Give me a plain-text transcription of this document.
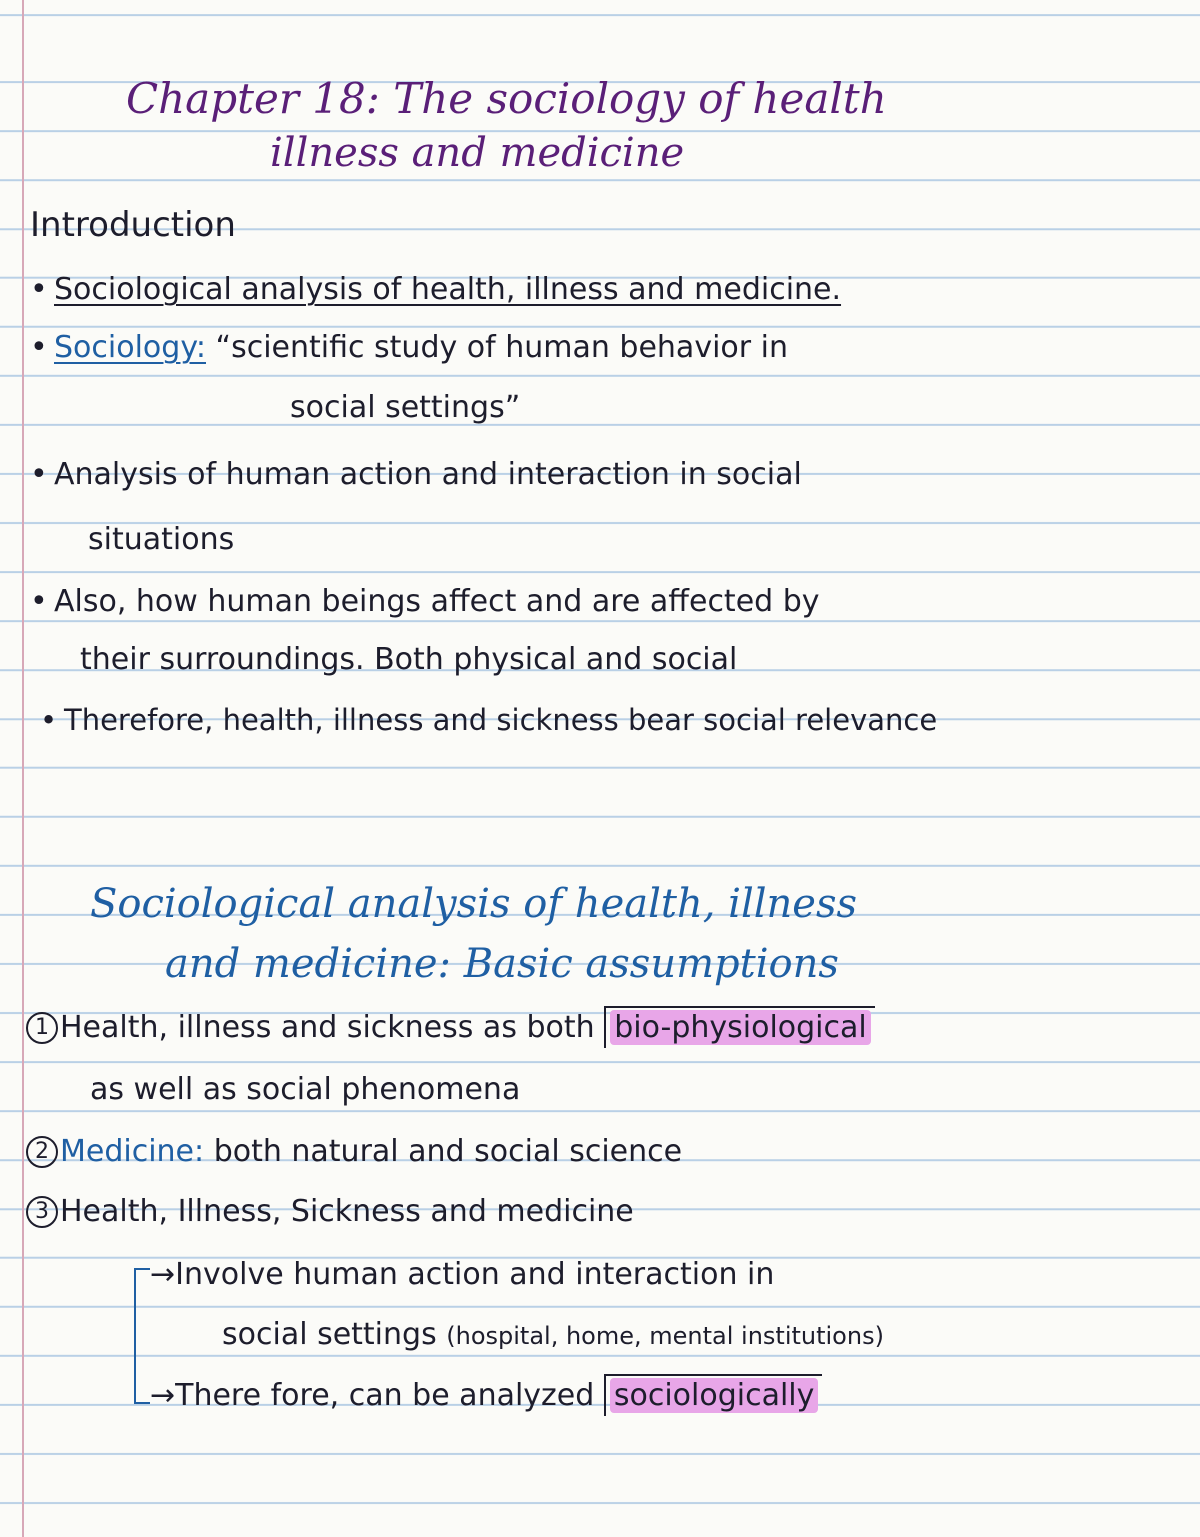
Chapter 18: The sociology of health
illness and medicine
Introduction
• Sociological analysis of health, illness and medicine.
• Sociology: “scientific study of human behavior in
social settings”
• Analysis of human action and interaction in social
situations
• Also, how human beings affect and are affected by
their surroundings. Both physical and social
• Therefore, health, illness and sickness bear social relevance
Sociological analysis of health, illness
and medicine: Basic assumptions
1 Health, illness and sickness as both bio-physiological
as well as social phenomena
2 Medicine: both natural and social science
3 Health, Illness, Sickness and medicine
→Involve human action and interaction in
social settings (hospital, home, mental institutions)
→There fore, can be analyzed sociologically
